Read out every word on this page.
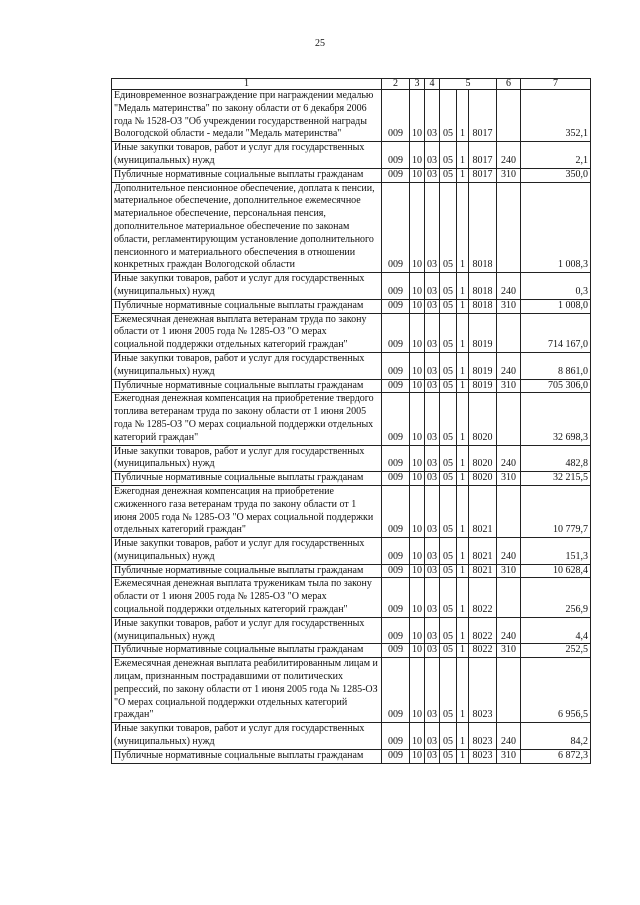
25
1	2	3	4	5			6	7
Единовременное вознаграждение при награждении медалью "Медаль материнства" по закону области от 6 декабря 2006 года № 1528-ОЗ "Об учреждении государственной награды Вологодской области - медали "Медаль материнства"	009	10	03	05	1	8017		352,1
Иные закупки товаров, работ и услуг для государственных (муниципальных) нужд	009	10	03	05	1	8017	240	2,1
Публичные нормативные социальные выплаты гражданам	009	10	03	05	1	8017	310	350,0
Дополнительное пенсионное обеспечение, доплата к пенсии, материальное обеспечение, дополнительное ежемесячное материальное обеспечение, персональная пенсия, дополнительное материальное обеспечение по законам области, регламентирующим установление дополнительного пенсионного и материального обеспечения в отношении конкретных граждан Вологодской области	009	10	03	05	1	8018		1 008,3
Иные закупки товаров, работ и услуг для государственных (муниципальных) нужд	009	10	03	05	1	8018	240	0,3
Публичные нормативные социальные выплаты гражданам	009	10	03	05	1	8018	310	1 008,0
Ежемесячная денежная выплата ветеранам труда по закону области от 1 июня 2005 года № 1285-ОЗ "О мерах социальной поддержки отдельных категорий граждан"	009	10	03	05	1	8019		714 167,0
Иные закупки товаров, работ и услуг для государственных (муниципальных) нужд	009	10	03	05	1	8019	240	8 861,0
Публичные нормативные социальные выплаты гражданам	009	10	03	05	1	8019	310	705 306,0
Ежегодная денежная компенсация на приобретение твердого топлива ветеранам труда по закону области от 1 июня 2005 года № 1285-ОЗ "О мерах социальной поддержки отдельных категорий граждан"	009	10	03	05	1	8020		32 698,3
Иные закупки товаров, работ и услуг для государственных (муниципальных) нужд	009	10	03	05	1	8020	240	482,8
Публичные нормативные социальные выплаты гражданам	009	10	03	05	1	8020	310	32 215,5
Ежегодная денежная компенсация на приобретение сжиженного газа ветеранам труда по закону области от 1 июня 2005 года № 1285-ОЗ "О мерах социальной поддержки отдельных категорий граждан"	009	10	03	05	1	8021		10 779,7
Иные закупки товаров, работ и услуг для государственных (муниципальных) нужд	009	10	03	05	1	8021	240	151,3
Публичные нормативные социальные выплаты гражданам	009	10	03	05	1	8021	310	10 628,4
Ежемесячная денежная выплата труженикам тыла по закону области от 1 июня 2005 года № 1285-ОЗ "О мерах социальной поддержки отдельных категорий граждан"	009	10	03	05	1	8022		256,9
Иные закупки товаров, работ и услуг для государственных (муниципальных) нужд	009	10	03	05	1	8022	240	4,4
Публичные нормативные социальные выплаты гражданам	009	10	03	05	1	8022	310	252,5
Ежемесячная денежная выплата реабилитированным лицам и лицам, признанным пострадавшими от политических репрессий, по закону области от 1 июня 2005 года № 1285-ОЗ "О мерах социальной поддержки отдельных категорий граждан"	009	10	03	05	1	8023		6 956,5
Иные закупки товаров, работ и услуг для государственных (муниципальных) нужд	009	10	03	05	1	8023	240	84,2
Публичные нормативные социальные выплаты гражданам	009	10	03	05	1	8023	310	6 872,3
